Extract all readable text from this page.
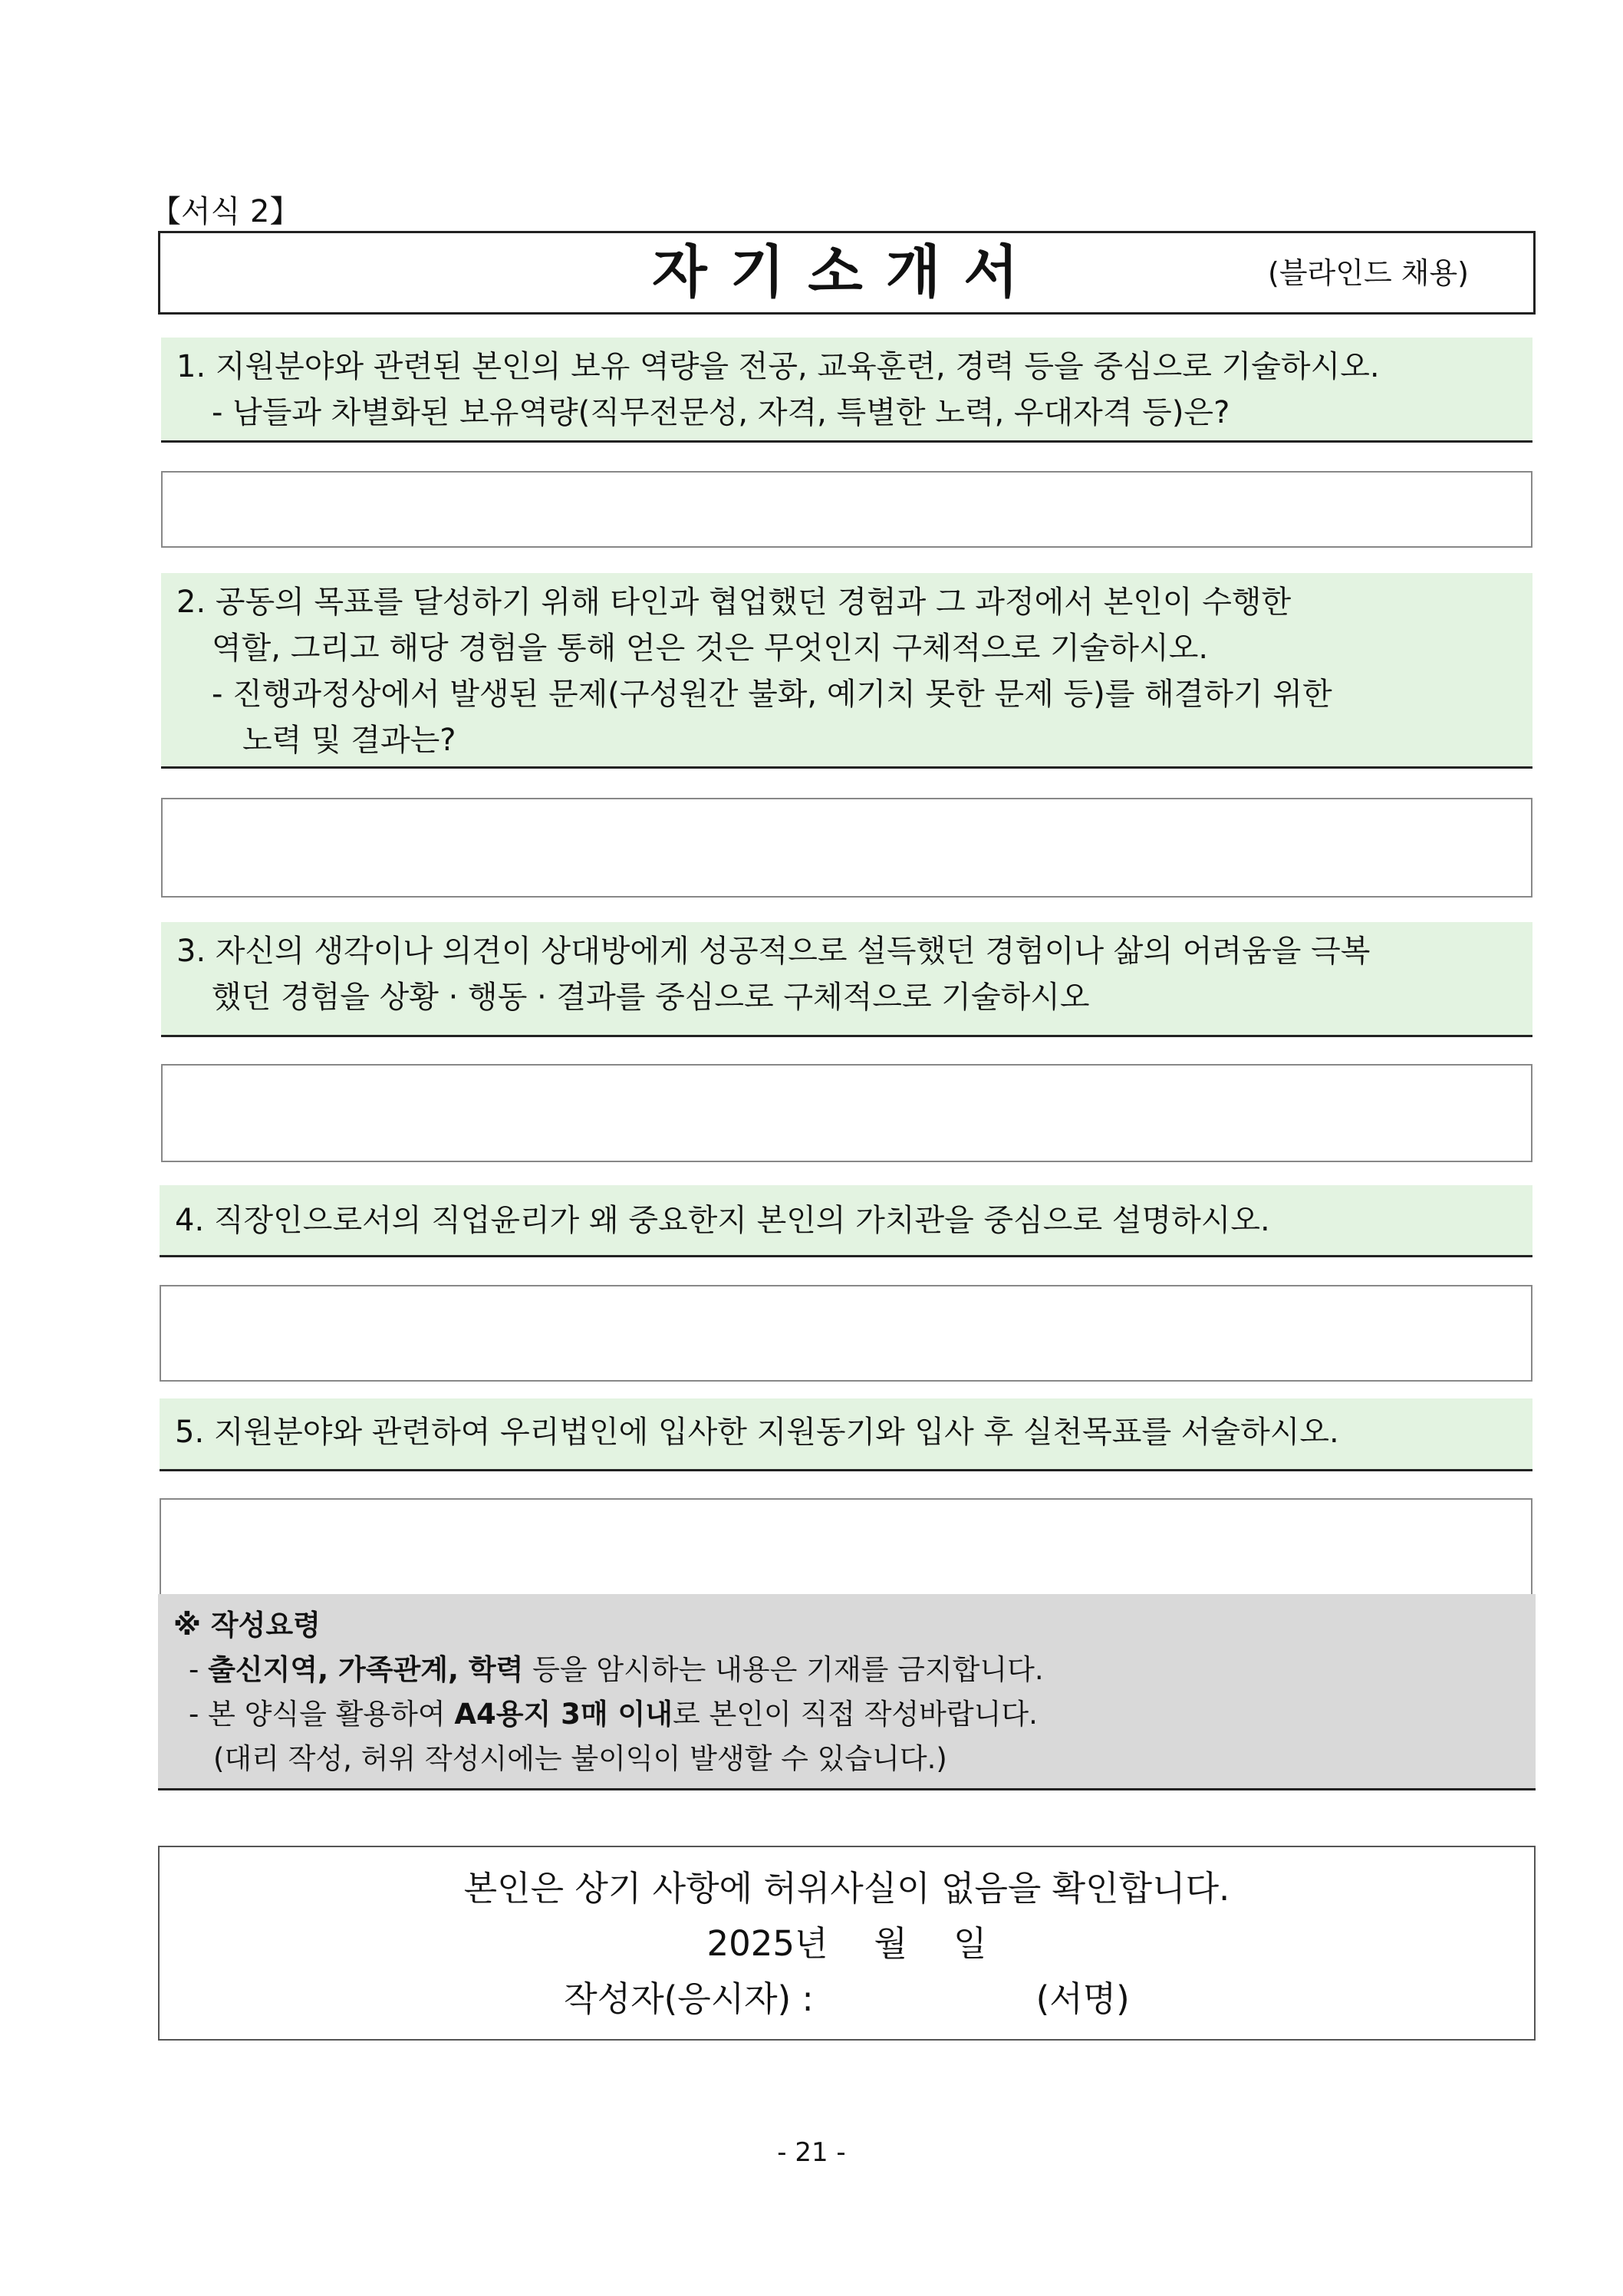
【서식 2】
자기소개서	(블라인드 채용)
1. 지원분야와 관련된 본인의 보유 역량을 전공, 교육훈련, 경력 등을 중심으로 기술하시오.
- 남들과 차별화된 보유역량(직무전문성, 자격, 특별한 노력, 우대자격 등)은?
2. 공동의 목표를 달성하기 위해 타인과 협업했던 경험과 그 과정에서 본인이 수행한
역할, 그리고 해당 경험을 통해 얻은 것은 무엇인지 구체적으로 기술하시오.
- 진행과정상에서 발생된 문제(구성원간 불화, 예기치 못한 문제 등)를 해결하기 위한
노력 및 결과는?
3. 자신의 생각이나 의견이 상대방에게 성공적으로 설득했던 경험이나 삶의 어려움을 극복
했던 경험을 상황 · 행동 · 결과를 중심으로 구체적으로 기술하시오
4. 직장인으로서의 직업윤리가 왜 중요한지 본인의 가치관을 중심으로 설명하시오.
5. 지원분야와 관련하여 우리법인에 입사한 지원동기와 입사 후 실천목표를 서술하시오.
※ 작성요령
- 출신지역, 가족관계, 학력 등을 암시하는 내용은 기재를 금지합니다.
- 본 양식을 활용하여 A4용지 3매 이내로 본인이 직접 작성바랍니다.
(대리 작성, 허위 작성시에는 불이익이 발생할 수 있습니다.)
본인은 상기 사항에 허위사실이 없음을 확인합니다.
2025년 월 일
작성자(응시자) :	(서명)
- 21 -
